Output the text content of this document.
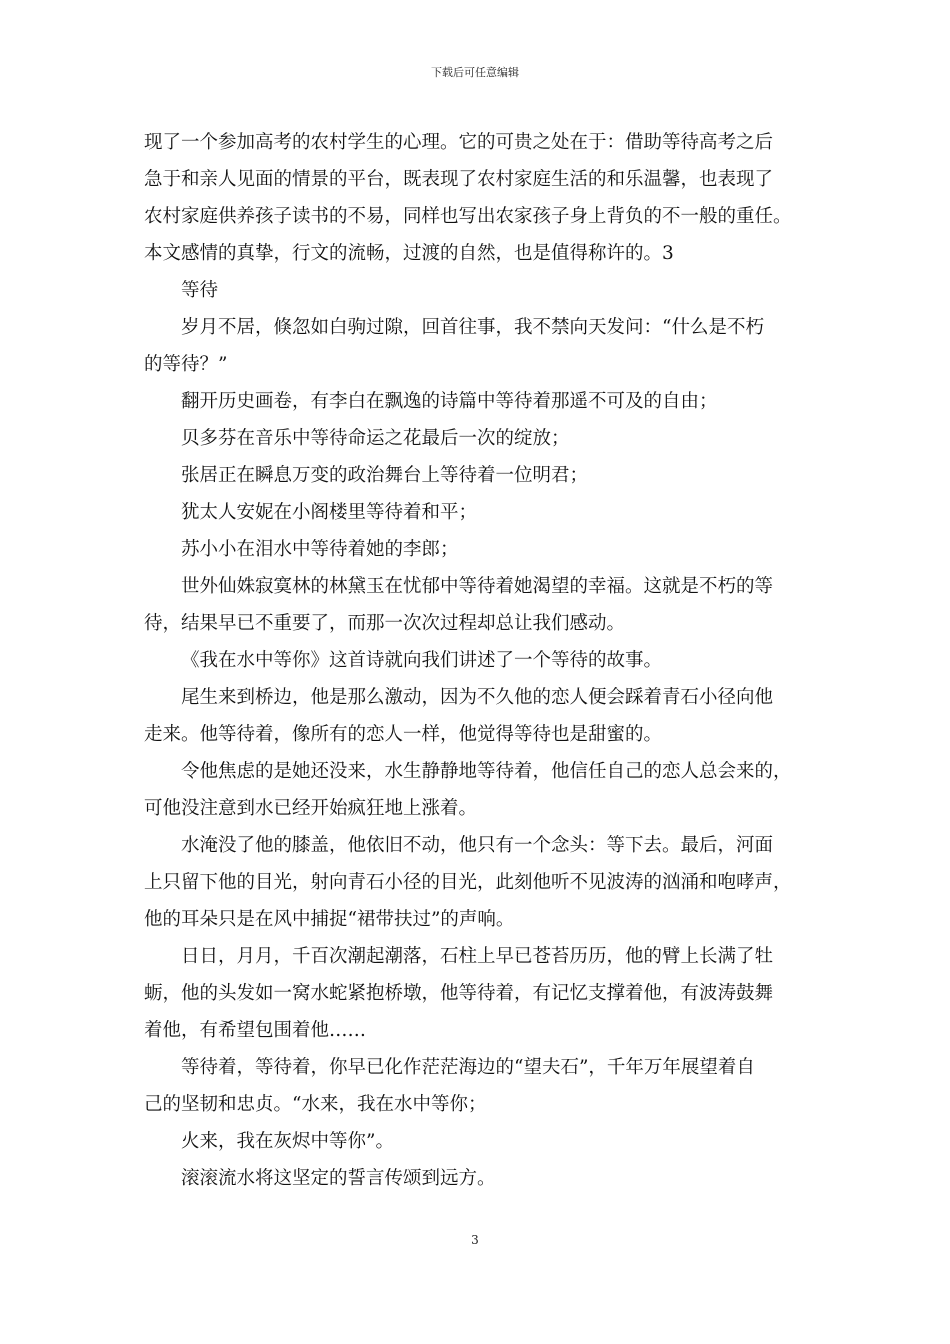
下载后可任意编辑
现了一个参加高考的农村学生的心理。它的可贵之处在于：借助等待高考之后
急于和亲人见面的情景的平台，既表现了农村家庭生活的和乐温馨，也表现了
农村家庭供养孩子读书的不易，同样也写出农家孩子身上背负的不一般的重任。
本文感情的真挚，行文的流畅，过渡的自然，也是值得称许的。3
等待
岁月不居，倏忽如白驹过隙，回首往事，我不禁向天发问：“什么是不朽
的等待？”
翻开历史画卷，有李白在飘逸的诗篇中等待着那遥不可及的自由；
贝多芬在音乐中等待命运之花最后一次的绽放；
张居正在瞬息万变的政治舞台上等待着一位明君；
犹太人安妮在小阁楼里等待着和平；
苏小小在泪水中等待着她的李郎；
世外仙姝寂寞林的林黛玉在忧郁中等待着她渴望的幸福。这就是不朽的等
待，结果早已不重要了，而那一次次过程却总让我们感动。
《我在水中等你》这首诗就向我们讲述了一个等待的故事。
尾生来到桥边，他是那么激动，因为不久他的恋人便会踩着青石小径向他
走来。他等待着，像所有的恋人一样，他觉得等待也是甜蜜的。
令他焦虑的是她还没来，水生静静地等待着，他信任自己的恋人总会来的，
可他没注意到水已经开始疯狂地上涨着。
水淹没了他的膝盖，他依旧不动，他只有一个念头：等下去。最后，河面
上只留下他的目光，射向青石小径的目光，此刻他听不见波涛的汹涌和咆哮声，
他的耳朵只是在风中捕捉“裙带扶过”的声响。
日日，月月，千百次潮起潮落，石柱上早已苍苔历历，他的臂上长满了牡
蛎，他的头发如一窝水蛇紧抱桥墩，他等待着，有记忆支撑着他，有波涛鼓舞
着他，有希望包围着他……
等待着，等待着，你早已化作茫茫海边的“望夫石”，千年万年展望着自
己的坚韧和忠贞。“水来，我在水中等你；
火来，我在灰烬中等你”。
滚滚流水将这坚定的誓言传颂到远方。
3
